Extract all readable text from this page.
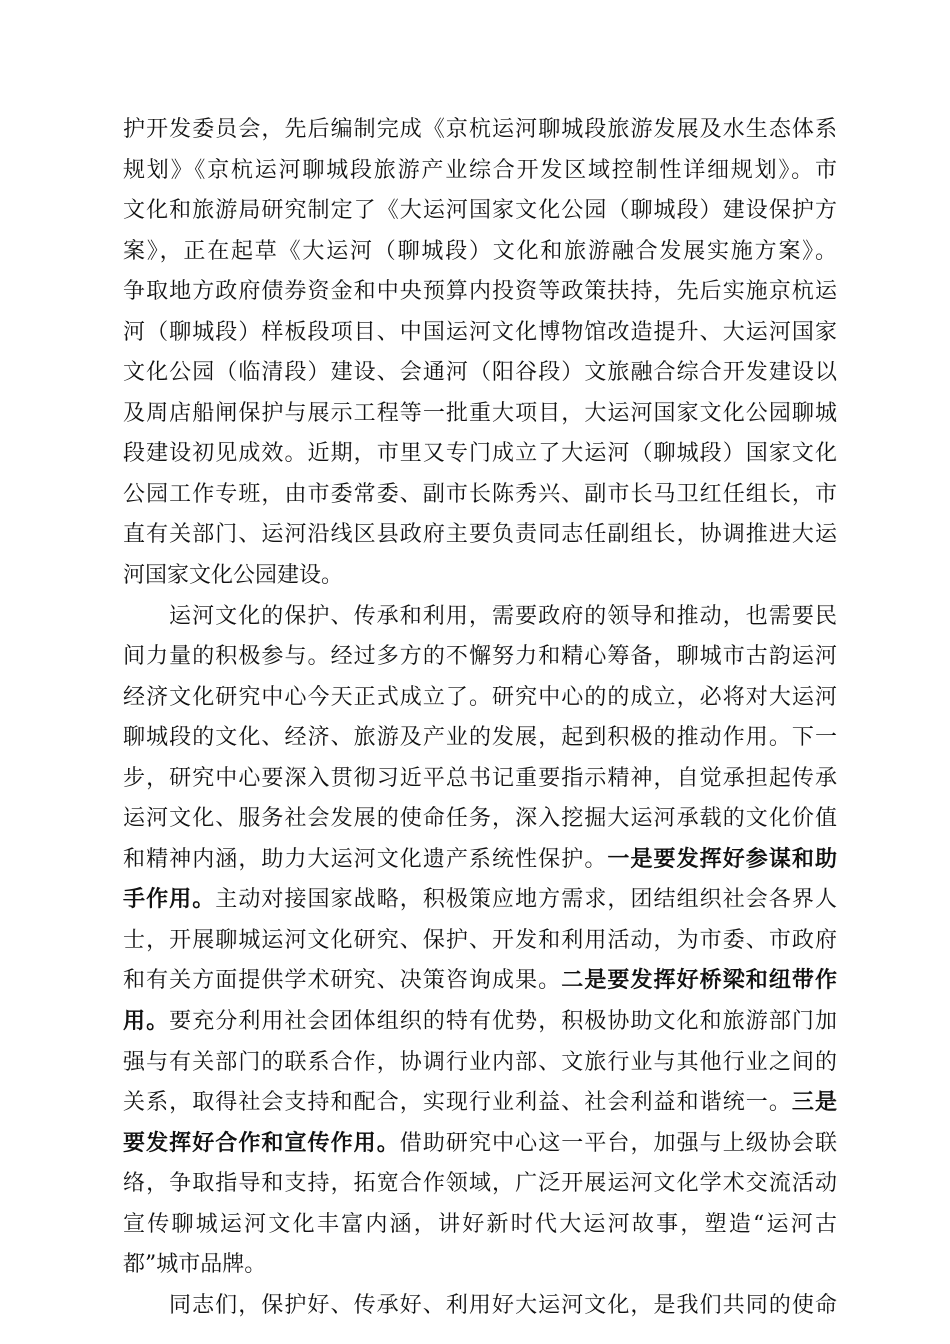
护开发委员会，先后编制完成《京杭运河聊城段旅游发展及水生态体系
规划》《京杭运河聊城段旅游产业综合开发区域控制性详细规划》。市
文化和旅游局研究制定了《大运河国家文化公园（聊城段）建设保护方
案》，正在起草《大运河（聊城段）文化和旅游融合发展实施方案》。
争取地方政府债券资金和中央预算内投资等政策扶持，先后实施京杭运
河（聊城段）样板段项目、中国运河文化博物馆改造提升、大运河国家
文化公园（临清段）建设、会通河（阳谷段）文旅融合综合开发建设以
及周店船闸保护与展示工程等一批重大项目，大运河国家文化公园聊城
段建设初见成效。近期，市里又专门成立了大运河（聊城段）国家文化
公园工作专班，由市委常委、副市长陈秀兴、副市长马卫红任组长，市
直有关部门、运河沿线区县政府主要负责同志任副组长，协调推进大运
河国家文化公园建设。
运河文化的保护、传承和利用，需要政府的领导和推动，也需要民
间力量的积极参与。经过多方的不懈努力和精心筹备，聊城市古韵运河
经济文化研究中心今天正式成立了。研究中心的的成立，必将对大运河
聊城段的文化、经济、旅游及产业的发展，起到积极的推动作用。下一
步，研究中心要深入贯彻习近平总书记重要指示精神，自觉承担起传承
运河文化、服务社会发展的使命任务，深入挖掘大运河承载的文化价值
和精神内涵，助力大运河文化遗产系统性保护。一是要发挥好参谋和助
手作用。主动对接国家战略，积极策应地方需求，团结组织社会各界人
士，开展聊城运河文化研究、保护、开发和利用活动，为市委、市政府
和有关方面提供学术研究、决策咨询成果。二是要发挥好桥梁和纽带作
用。要充分利用社会团体组织的特有优势，积极协助文化和旅游部门加
强与有关部门的联系合作，协调行业内部、文旅行业与其他行业之间的
关系，取得社会支持和配合，实现行业利益、社会利益和谐统一。三是
要发挥好合作和宣传作用。借助研究中心这一平台，加强与上级协会联
络，争取指导和支持，拓宽合作领域，广泛开展运河文化学术交流活动
宣传聊城运河文化丰富内涵，讲好新时代大运河故事，塑造“运河古
都”城市品牌。
同志们，保护好、传承好、利用好大运河文化，是我们共同的使命
